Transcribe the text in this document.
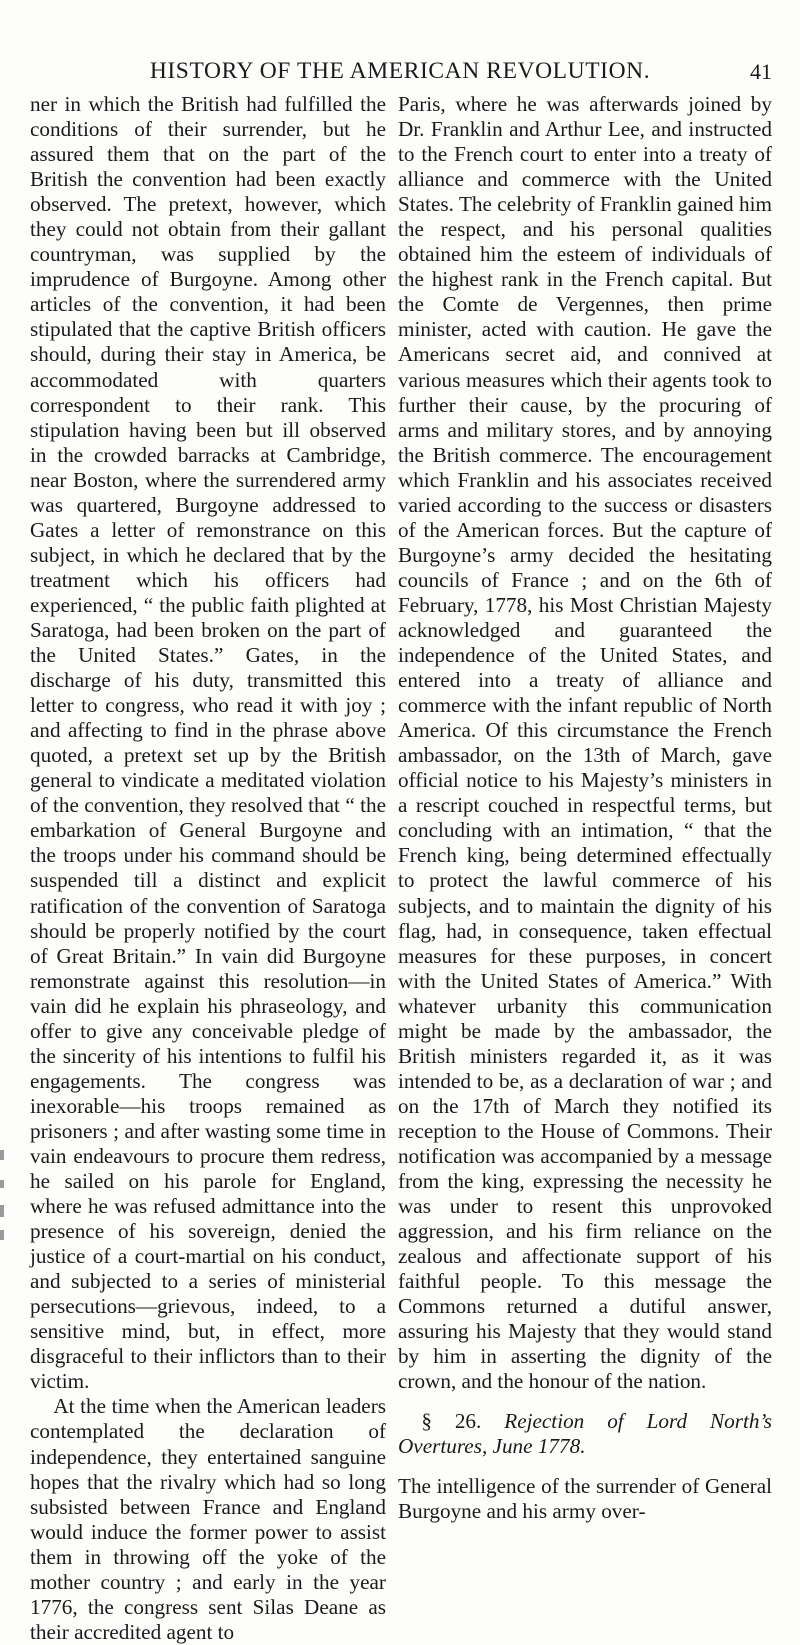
HISTORY OF THE AMERICAN REVOLUTION.	41

ner in which the British had fulfilled the conditions of their surrender, but he assured them that on the part of the British the convention had been exactly observed. The pretext, however, which they could not obtain from their gallant countryman, was supplied by the imprudence of Burgoyne. Among other articles of the convention, it had been stipulated that the captive British officers should, during their stay in America, be accommodated with quarters correspondent to their rank. This stipulation having been but ill observed in the crowded barracks at Cambridge, near Boston, where the surrendered army was quartered, Burgoyne addressed to Gates a letter of remonstrance on this subject, in which he declared that by the treatment which his officers had experienced, “ the public faith plighted at Saratoga, had been broken on the part of the United States.” Gates, in the discharge of his duty, transmitted this letter to congress, who read it with joy ; and affecting to find in the phrase above quoted, a pretext set up by the British general to vindicate a meditated violation of the convention, they resolved that “ the embarkation of General Burgoyne and the troops under his command should be suspended till a distinct and explicit ratification of the convention of Saratoga should be properly notified by the court of Great Britain.” In vain did Burgoyne remonstrate against this resolution—in vain did he explain his phraseology, and offer to give any conceivable pledge of the sincerity of his intentions to fulfil his engagements. The congress was inexorable—his troops remained as prisoners ; and after wasting some time in vain endeavours to procure them redress, he sailed on his parole for England, where he was refused admittance into the presence of his sovereign, denied the justice of a court-martial on his conduct, and subjected to a series of ministerial persecutions—grievous, indeed, to a sensitive mind, but, in effect, more disgraceful to their inflictors than to their victim.

At the time when the American leaders contemplated the declaration of independence, they entertained sanguine hopes that the rivalry which had so long subsisted between France and England would induce the former power to assist them in throwing off the yoke of the mother country ; and early in the year 1776, the congress sent Silas Deane as their accredited agent to

Paris, where he was afterwards joined by Dr. Franklin and Arthur Lee, and instructed to the French court to enter into a treaty of alliance and commerce with the United States. The celebrity of Franklin gained him the respect, and his personal qualities obtained him the esteem of individuals of the highest rank in the French capital. But the Comte de Vergennes, then prime minister, acted with caution. He gave the Americans secret aid, and connived at various measures which their agents took to further their cause, by the procuring of arms and military stores, and by annoying the British commerce. The encouragement which Franklin and his associates received varied according to the success or disasters of the American forces. But the capture of Burgoyne’s army decided the hesitating councils of France ; and on the 6th of February, 1778, his Most Christian Majesty acknowledged and guaranteed the independence of the United States, and entered into a treaty of alliance and commerce with the infant republic of North America. Of this circumstance the French ambassador, on the 13th of March, gave official notice to his Majesty’s ministers in a rescript couched in respectful terms, but concluding with an intimation, “ that the French king, being determined effectually to protect the lawful commerce of his subjects, and to maintain the dignity of his flag, had, in consequence, taken effectual measures for these purposes, in concert with the United States of America.” With whatever urbanity this communication might be made by the ambassador, the British ministers regarded it, as it was intended to be, as a declaration of war ; and on the 17th of March they notified its reception to the House of Commons. Their notification was accompanied by a message from the king, expressing the necessity he was under to resent this unprovoked aggression, and his firm reliance on the zealous and affectionate support of his faithful people. To this message the Commons returned a dutiful answer, assuring his Majesty that they would stand by him in asserting the dignity of the crown, and the honour of the nation.

§ 26. Rejection of Lord North’s Overtures, June 1778.

The intelligence of the surrender of General Burgoyne and his army over-
